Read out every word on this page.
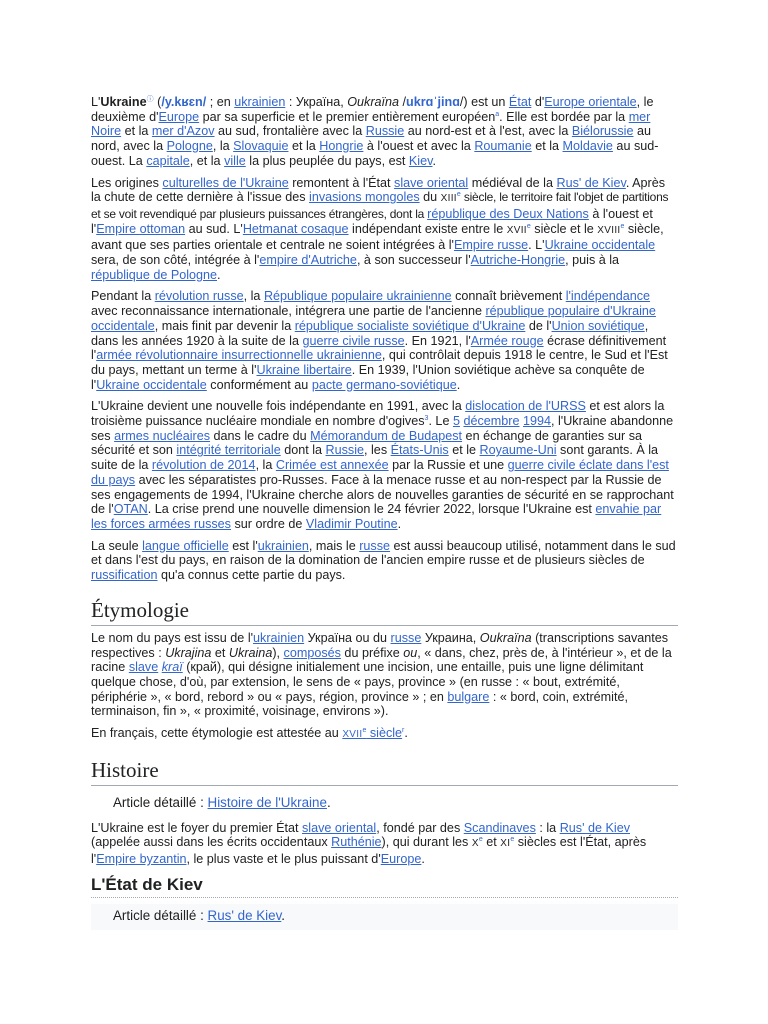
L'Ukraineⓘ (/y.kʁɛn/ ; en ukrainien : Україна, Oukraïna /ukrɑˈjinɑ/) est un État d'Europe orientale, le deuxième d'Europe par sa superficie et le premier entièrement européen$^a$. Elle est bordée par la mer Noire et la mer d'Azov au sud, frontalière avec la Russie au nord-est et à l'est, avec la Biélorussie au nord, avec la Pologne, la Slovaquie et la Hongrie à l'ouest et avec la Roumanie et la Moldavie au sud-ouest. La capitale, et la ville la plus peuplée du pays, est Kiev.

Les origines culturelles de l'Ukraine remontent à l'État slave oriental médiéval de la Rus' de Kiev. Après la chute de cette dernière à l'issue des invasions mongoles du XIIIe siècle, le territoire fait l'objet de partitions et se voit revendiqué par plusieurs puissances étrangères, dont la république des Deux Nations à l'ouest et l'Empire ottoman au sud. L'Hetmanat cosaque indépendant existe entre le XVIIe siècle et le XVIIIe siècle, avant que ses parties orientale et centrale ne soient intégrées à l'Empire russe. L'Ukraine occidentale sera, de son côté, intégrée à l'empire d'Autriche, à son successeur l'Autriche-Hongrie, puis à la république de Pologne.

Pendant la révolution russe, la République populaire ukrainienne connaît brièvement l'indépendance avec reconnaissance internationale, intégrera une partie de l'ancienne république populaire d'Ukraine occidentale, mais finit par devenir la république socialiste soviétique d'Ukraine de l'Union soviétique, dans les années 1920 à la suite de la guerre civile russe. En 1921, l'Armée rouge écrase définitivement l'armée révolutionnaire insurrectionnelle ukrainienne, qui contrôlait depuis 1918 le centre, le Sud et l'Est du pays, mettant un terme à l'Ukraine libertaire. En 1939, l'Union soviétique achève sa conquête de l'Ukraine occidentale conformément au pacte germano-soviétique.

L'Ukraine devient une nouvelle fois indépendante en 1991, avec la dislocation de l'URSS et est alors la troisième puissance nucléaire mondiale en nombre d'ogives$^3$. Le 5 décembre 1994, l'Ukraine abandonne ses armes nucléaires dans le cadre du Mémorandum de Budapest en échange de garanties sur sa sécurité et son intégrité territoriale dont la Russie, les États-Unis et le Royaume-Uni sont garants. À la suite de la révolution de 2014, la Crimée est annexée par la Russie et une guerre civile éclate dans l'est du pays avec les séparatistes pro-Russes. Face à la menace russe et au non-respect par la Russie de ses engagements de 1994, l'Ukraine cherche alors de nouvelles garanties de sécurité en se rapprochant de l'OTAN. La crise prend une nouvelle dimension le 24 février 2022, lorsque l'Ukraine est envahie par les forces armées russes sur ordre de Vladimir Poutine.

La seule langue officielle est l'ukrainien, mais le russe est aussi beaucoup utilisé, notamment dans le sud et dans l'est du pays, en raison de la domination de l'ancien empire russe et de plusieurs siècles de russification qu'a connus cette partie du pays.

Étymologie

Le nom du pays est issu de l'ukrainien Україна ou du russe Украина, Oukraïna (transcriptions savantes respectives : Ukrajina et Ukraina), composés du préfixe ou, « dans, chez, près de, à l'intérieur », et de la racine slave kraï (край), qui désigne initialement une incision, une entaille, puis une ligne délimitant quelque chose, d'où, par extension, le sens de « pays, province » (en russe : « bout, extrémité, périphérie », « bord, rebord » ou « pays, région, province » ; en bulgare : « bord, coin, extrémité, terminaison, fin », « proximité, voisinage, environs »).

En français, cette étymologie est attestée au XVIIe siècle$^r$.

Histoire
Article détaillé : Histoire de l'Ukraine.

L'Ukraine est le foyer du premier État slave oriental, fondé par des Scandinaves : la Rus' de Kiev (appelée aussi dans les écrits occidentaux Ruthénie), qui durant les Xe et XIe siècles est l'État, après l'Empire byzantin, le plus vaste et le plus puissant d'Europe.

L'État de Kiev
Article détaillé : Rus' de Kiev.
